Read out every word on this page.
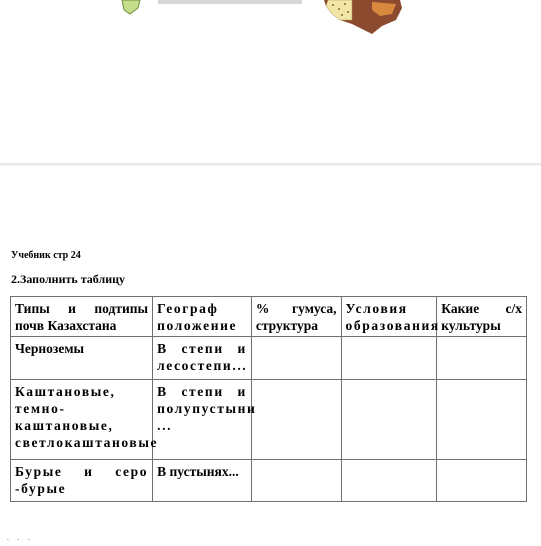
Учебник стр 24
2.Заполнить таблицу
Типы и подтипы почв Казахстана	Географ положение	% гумуса, структура	Условия образования	Какие с/х культуры
Черноземы	В степи и лесостепи...			
Каштановые, темно-каштановые, светлокаштановые	В степи и полупустыни ...			
Бурые и серо -бурые	В пустынях...			
· · ·
